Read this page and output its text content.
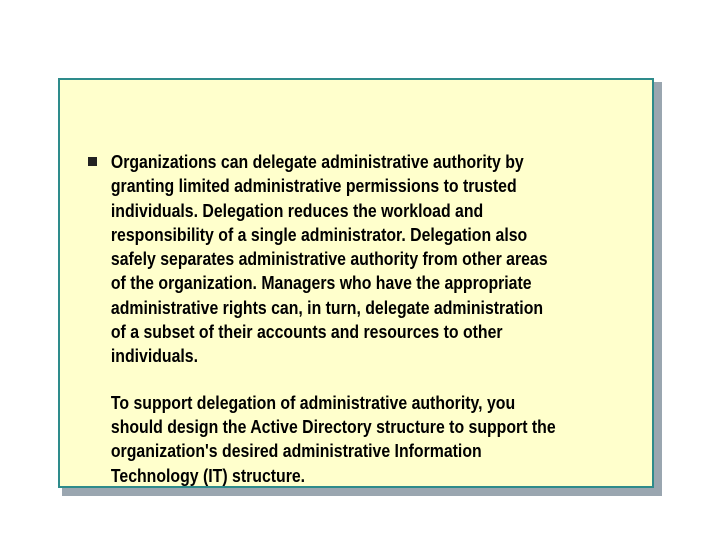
Organizations can delegate administrative authority by
granting limited administrative permissions to trusted
individuals. Delegation reduces the workload and
responsibility of a single administrator. Delegation also
safely separates administrative authority from other areas
of the organization. Managers who have the appropriate
administrative rights can, in turn, delegate administration
of a subset of their accounts and resources to other
individuals.
To support delegation of administrative authority, you
should design the Active Directory structure to support the
organization's desired administrative Information
Technology (IT) structure.
